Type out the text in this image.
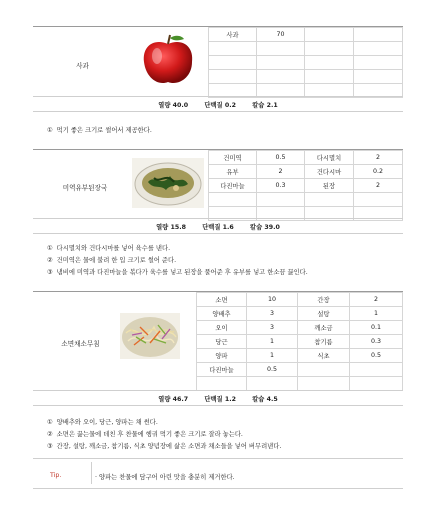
사과
사과	70		

열량 40.0	단백질 0.2	칼슘 2.1
① 먹기 좋은 크기로 썰어서 제공한다.
미역유부된장국
건미역	0.5	다시멸치	2
유부	2	건다시마	0.2
다진마늘	0.3	된장	2

열량 15.8	단백질 1.6	칼슘 39.0
① 다시멸치와 건다시마를 넣어 육수를 낸다.
② 건미역은 물에 불려 한 입 크기로 썰어 준다.
③ 냄비에 미역과 다진마늘을 볶다가 육수를 넣고 된장을 풀어준 후 유부를 넣고 한소끔 끓인다.
소면채소무침
소면	10	간장	2
양배추	3	설탕	1
오이	3	깨소금	0.1
당근	1	참기름	0.3
양파	1	식초	0.5
다진마늘	0.5		

열량 46.7	단백질 1.2	칼슘 4.5
① 양배추와 오이, 당근, 양파는 채 썬다.
② 소면은 끓는물에 데친 후 찬물에 헹궈 먹기 좋은 크기로 잘라 놓는다.
③ 간장, 설탕, 깨소금, 참기름, 식초 양념장에 삶은 소면과 채소들을 넣어 버무려낸다.
Tip.	· 양파는 찬물에 담구어 아린 맛을 충분히 제거한다.
